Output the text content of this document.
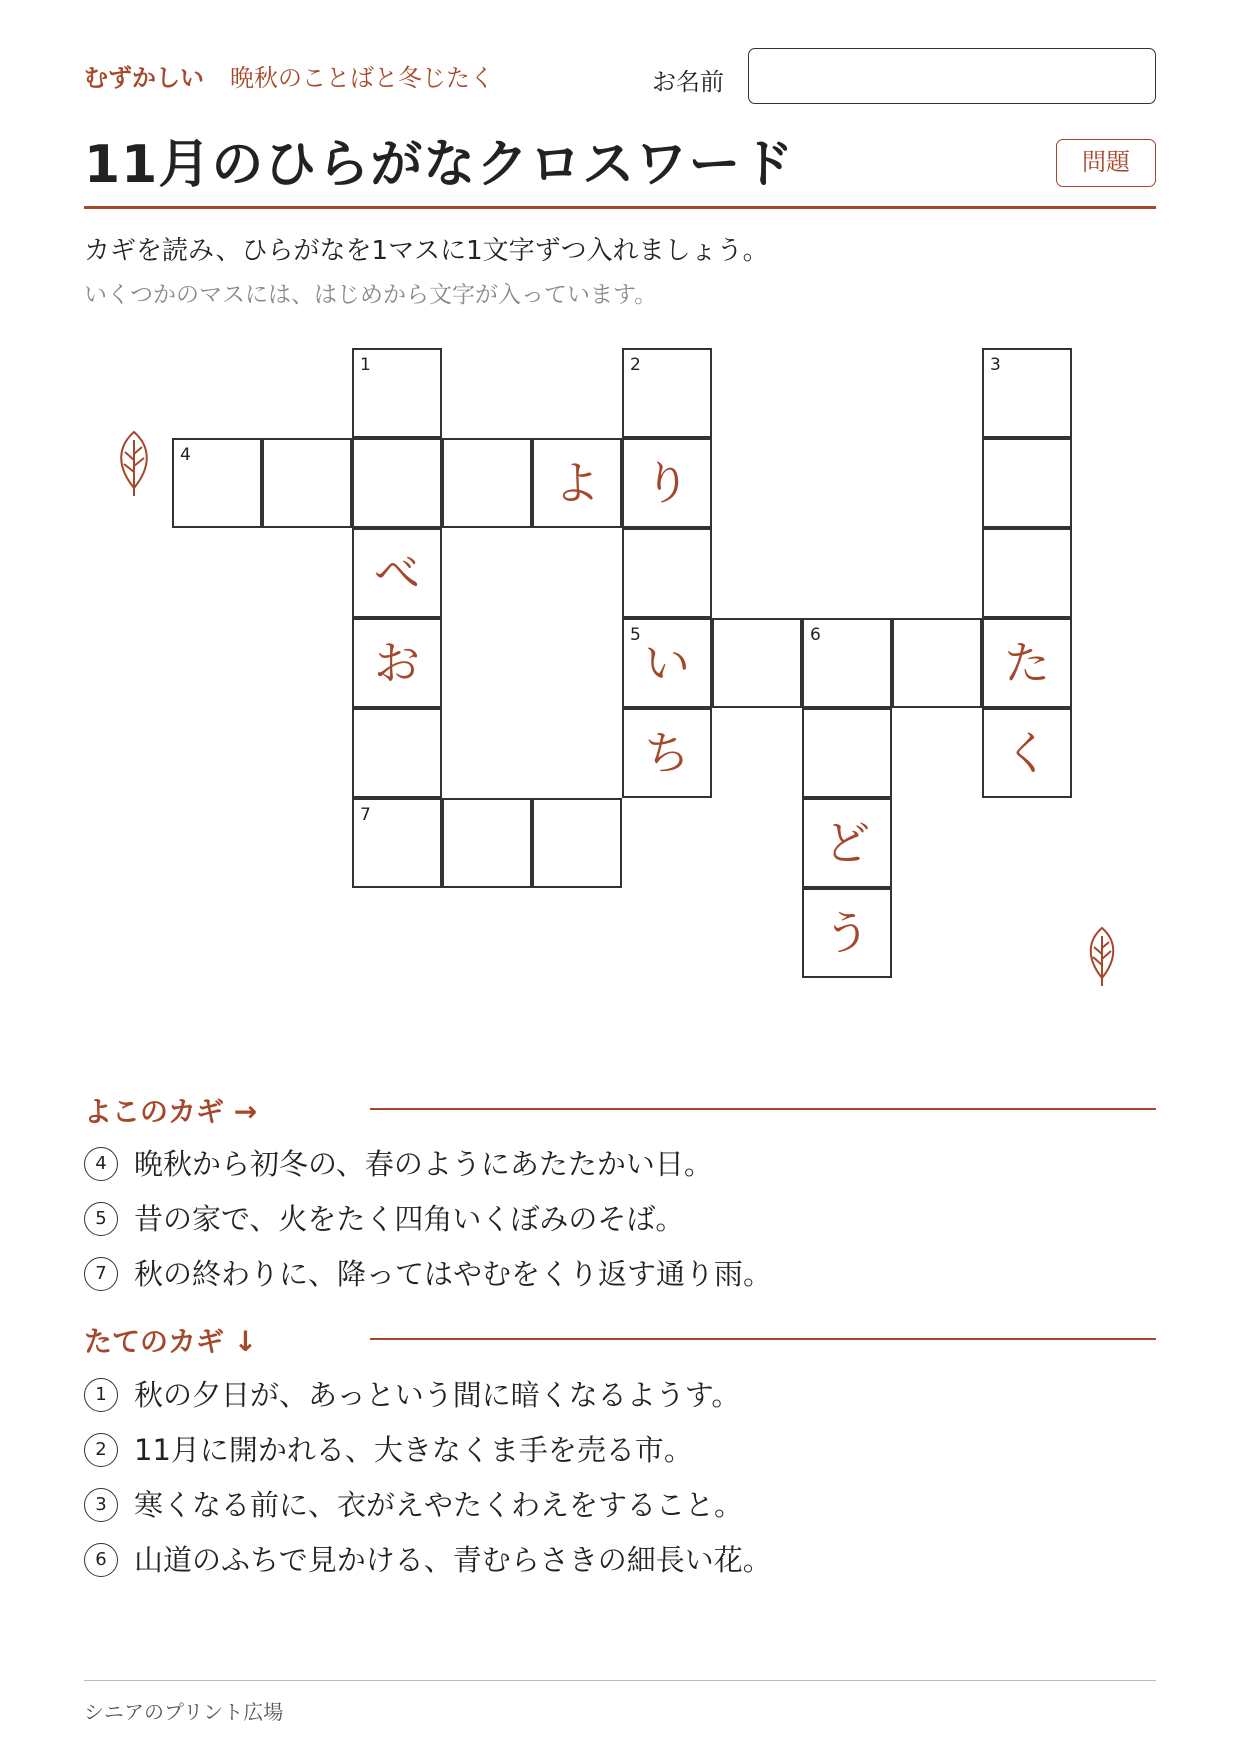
むずかしい 晩秋のことばと冬じたく	お名前
11月のひらがなクロスワード	問題
カギを読み、ひらがなを1マスに1文字ずつ入れましょう。
いくつかのマスには、はじめから文字が入っています。
1	2	3
4
よ り
べ
お
5
い
6
た
ち	く
7
ど
う
よこのカギ →
4 晩秋から初冬の、春のようにあたたかい日。
5 昔の家で、火をたく四角いくぼみのそば。
7 秋の終わりに、降ってはやむをくり返す通り雨。
たてのカギ ↓
1 秋の夕日が、あっという間に暗くなるようす。
2 11月に開かれる、大きなくま手を売る市。
3 寒くなる前に、衣がえやたくわえをすること。
6 山道のふちで見かける、青むらさきの細長い花。
シニアのプリント広場
